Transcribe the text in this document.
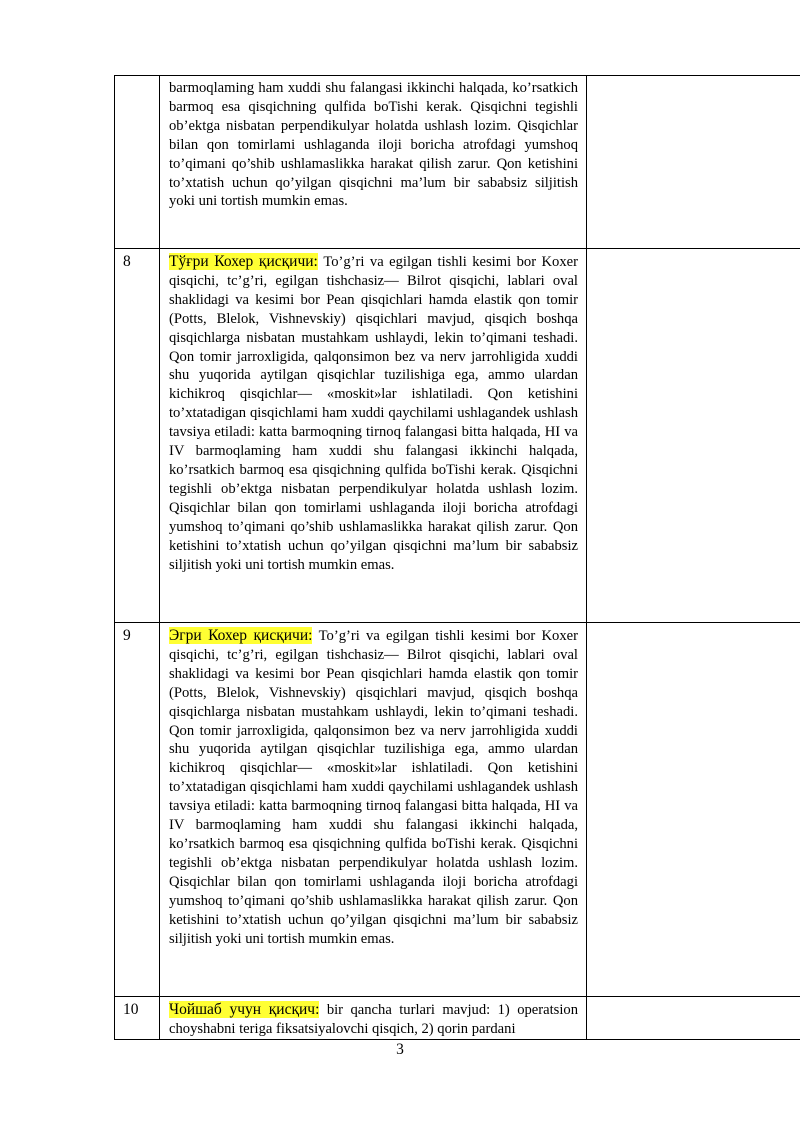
	barmoqlaming ham xuddi shu falangasi ikkinchi halqada, ko’rsatkich barmoq esa qisqichning qulfida boTishi kerak. Qisqichni tegishli ob’ektga nisbatan perpendikulyar holatda ushlash lozim. Qisqichlar bilan qon tomirlami ushlaganda iloji boricha atrofdagi yumshoq to’qimani qo’shib ushlamaslikka harakat qilish zarur. Qon ketishini to’xtatish uchun qo’yilgan qisqichni ma’lum bir sababsiz siljitish yoki uni tortish mumkin emas.	
8	Тўғри Кохер қисқичи: To’g’ri va egilgan tishli kesimi bor Koxer qisqichi, tc’g’ri, egilgan tishchasiz— Bilrot qisqichi, lablari oval shaklidagi va kesimi bor Pean qisqichlari hamda elastik qon tomir (Potts, Blelok, Vishnevskiy) qisqichlari mavjud, qisqich boshqa qisqichlarga nisbatan mustahkam ushlaydi, lekin to’qimani teshadi. Qon tomir jarroxligida, qalqonsimon bez va nerv jarrohligida xuddi shu yuqorida aytilgan qisqichlar tuzilishiga ega, ammo ulardan kichikroq qisqichlar— «moskit»lar ishlatiladi. Qon ketishini to’xtatadigan qisqichlami ham xuddi qaychilami ushlagandek ushlash tavsiya etiladi: katta barmoqning tirnoq falangasi bitta halqada, HI va IV barmoqlaming ham xuddi shu falangasi ikkinchi halqada, ko’rsatkich barmoq esa qisqichning qulfida boTishi kerak. Qisqichni tegishli ob’ektga nisbatan perpendikulyar holatda ushlash lozim. Qisqichlar bilan qon tomirlami ushlaganda iloji boricha atrofdagi yumshoq to’qimani qo’shib ushlamaslikka harakat qilish zarur. Qon ketishini to’xtatish uchun qo’yilgan qisqichni ma’lum bir sababsiz siljitish yoki uni tortish mumkin emas.	
9	Эгри Кохер қисқичи: To’g’ri va egilgan tishli kesimi bor Koxer qisqichi, tc’g’ri, egilgan tishchasiz— Bilrot qisqichi, lablari oval shaklidagi va kesimi bor Pean qisqichlari hamda elastik qon tomir (Potts, Blelok, Vishnevskiy) qisqichlari mavjud, qisqich boshqa qisqichlarga nisbatan mustahkam ushlaydi, lekin to’qimani teshadi. Qon tomir jarroxligida, qalqonsimon bez va nerv jarrohligida xuddi shu yuqorida aytilgan qisqichlar tuzilishiga ega, ammo ulardan kichikroq qisqichlar— «moskit»lar ishlatiladi. Qon ketishini to’xtatadigan qisqichlami ham xuddi qaychilami ushlagandek ushlash tavsiya etiladi: katta barmoqning tirnoq falangasi bitta halqada, HI va IV barmoqlaming ham xuddi shu falangasi ikkinchi halqada, ko’rsatkich barmoq esa qisqichning qulfida boTishi kerak. Qisqichni tegishli ob’ektga nisbatan perpendikulyar holatda ushlash lozim. Qisqichlar bilan qon tomirlami ushlaganda iloji boricha atrofdagi yumshoq to’qimani qo’shib ushlamaslikka harakat qilish zarur. Qon ketishini to’xtatish uchun qo’yilgan qisqichni ma’lum bir sababsiz siljitish yoki uni tortish mumkin emas.	
10	Чойшаб учун қисқич: bir qancha turlari mavjud: 1) operatsion choyshabni teriga fiksatsiyalovchi qisqich, 2) qorin pardani	
3
